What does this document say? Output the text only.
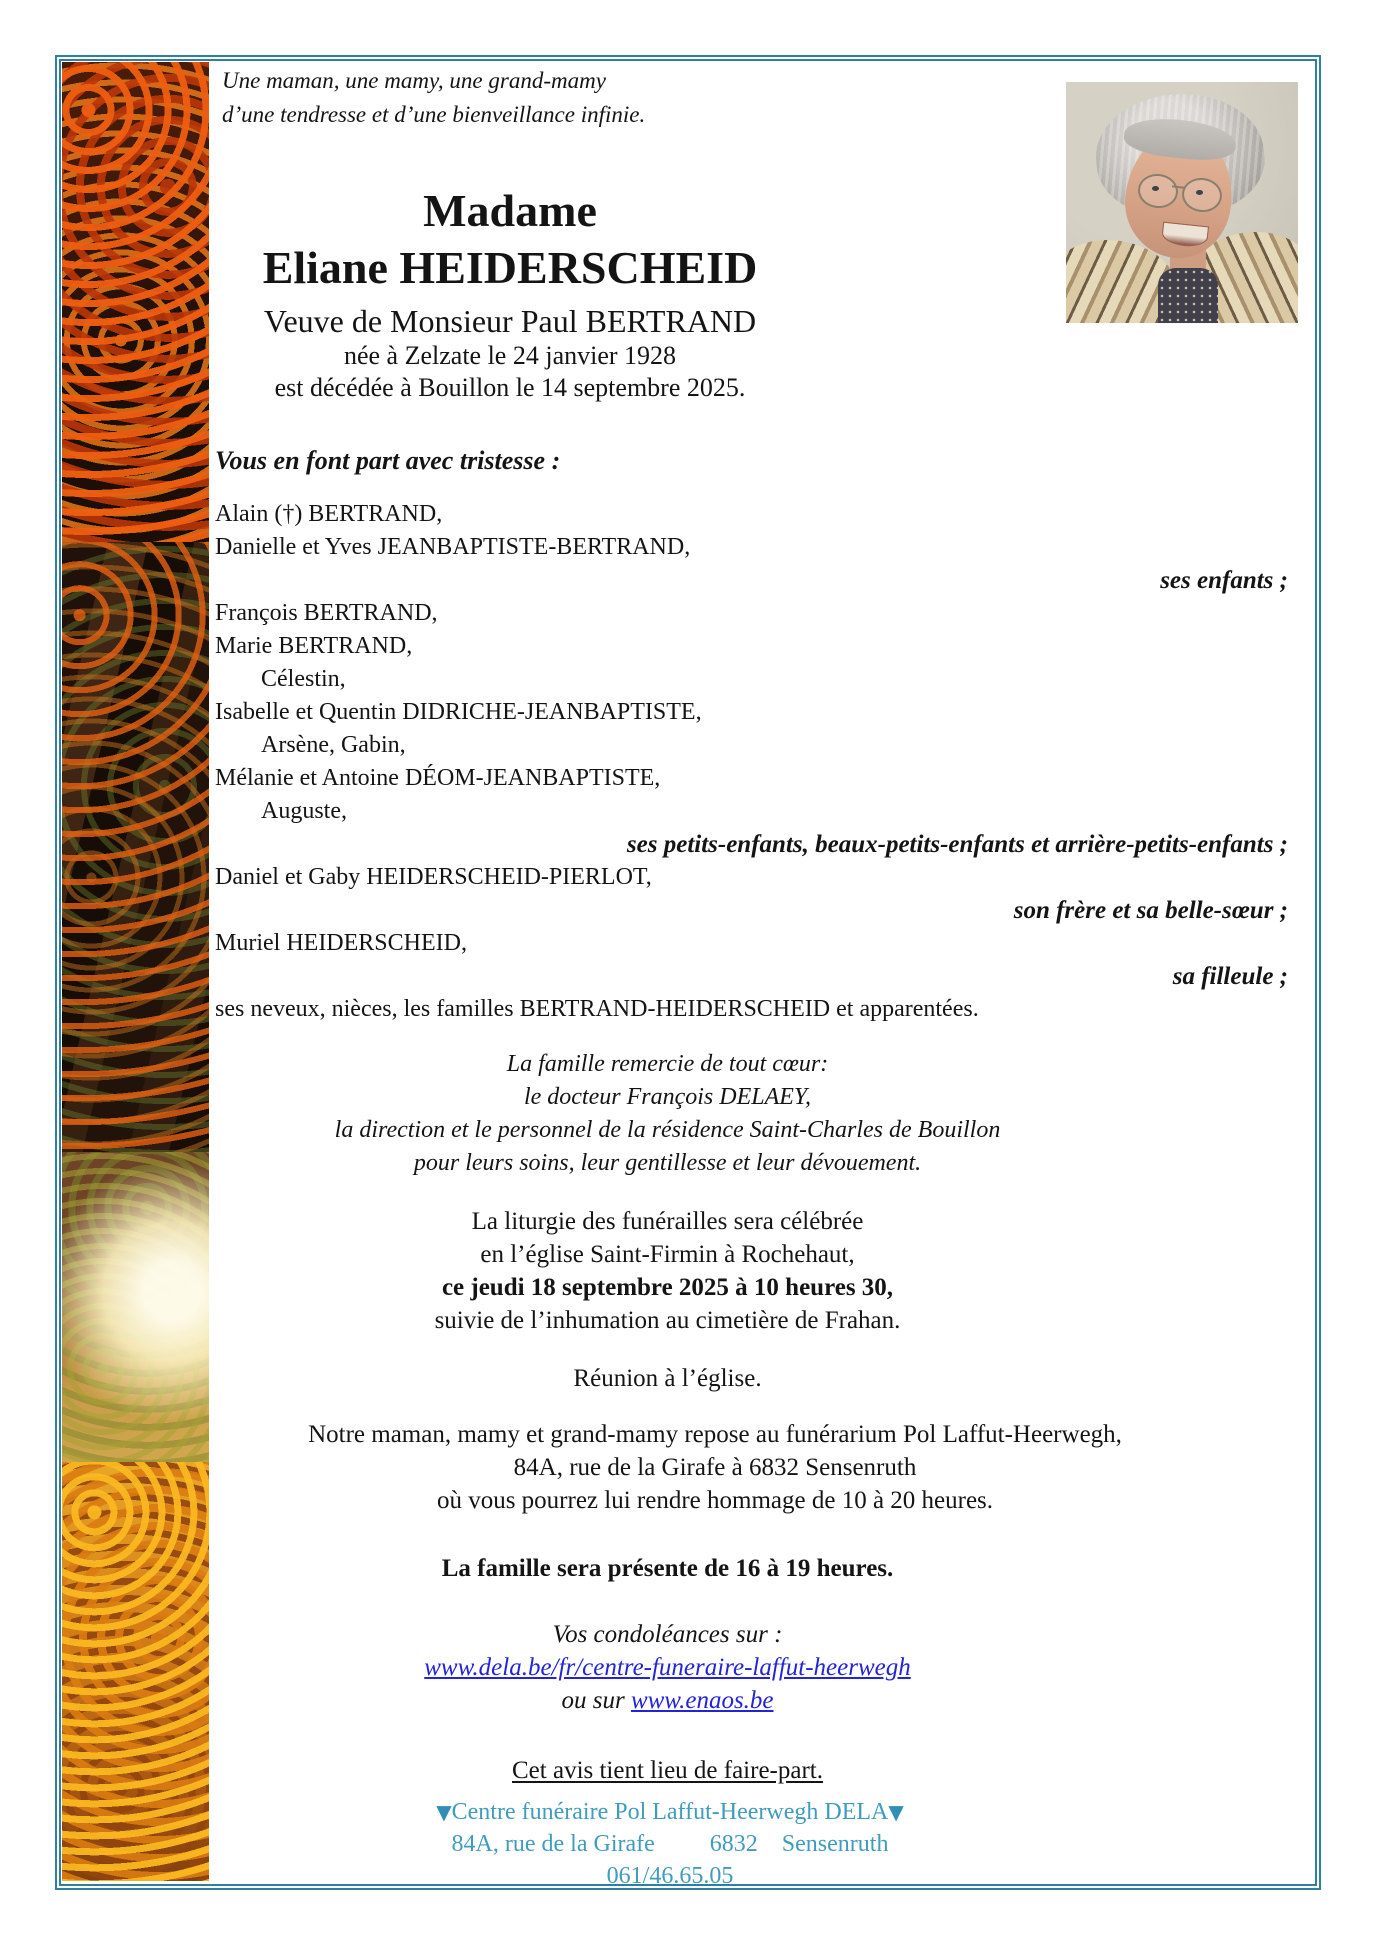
Une maman, une mamy, une grand-mamy
d’une tendresse et d’une bienveillance infinie.
Madame
Eliane HEIDERSCHEID
Veuve de Monsieur Paul BERTRAND
née à Zelzate le 24 janvier 1928
est décédée à Bouillon le 14 septembre 2025.
Vous en font part avec tristesse :
Alain (†) BERTRAND,
Danielle et Yves JEANBAPTISTE-BERTRAND,
ses enfants ;
François BERTRAND,
Marie BERTRAND,
Célestin,
Isabelle et Quentin DIDRICHE-JEANBAPTISTE,
Arsène, Gabin,
Mélanie et Antoine DÉOM-JEANBAPTISTE,
Auguste,
ses petits-enfants, beaux-petits-enfants et arrière-petits-enfants ;
Daniel et Gaby HEIDERSCHEID-PIERLOT,
son frère et sa belle-sœur ;
Muriel HEIDERSCHEID,
sa filleule ;
ses neveux, nièces, les familles BERTRAND-HEIDERSCHEID et apparentées.
La famille remercie de tout cœur:
le docteur François DELAEY,
la direction et le personnel de la résidence Saint-Charles de Bouillon
pour leurs soins, leur gentillesse et leur dévouement.
La liturgie des funérailles sera célébrée
en l’église Saint-Firmin à Rochehaut,
ce jeudi 18 septembre 2025 à 10 heures 30,
suivie de l’inhumation au cimetière de Frahan.
Réunion à l’église.
Notre maman, mamy et grand-mamy repose au funérarium Pol Laffut-Heerwegh,
84A, rue de la Girafe à 6832 Sensenruth
où vous pourrez lui rendre hommage de 10 à 20 heures.
La famille sera présente de 16 à 19 heures.
Vos condoléances sur :
www.dela.be/fr/centre-funeraire-laffut-heerwegh
ou sur www.enaos.be
Cet avis tient lieu de faire-part.
▼Centre funéraire Pol Laffut-Heerwegh DELA▼
84A, rue de la Girafe 6832 Sensenruth
061/46.65.05
